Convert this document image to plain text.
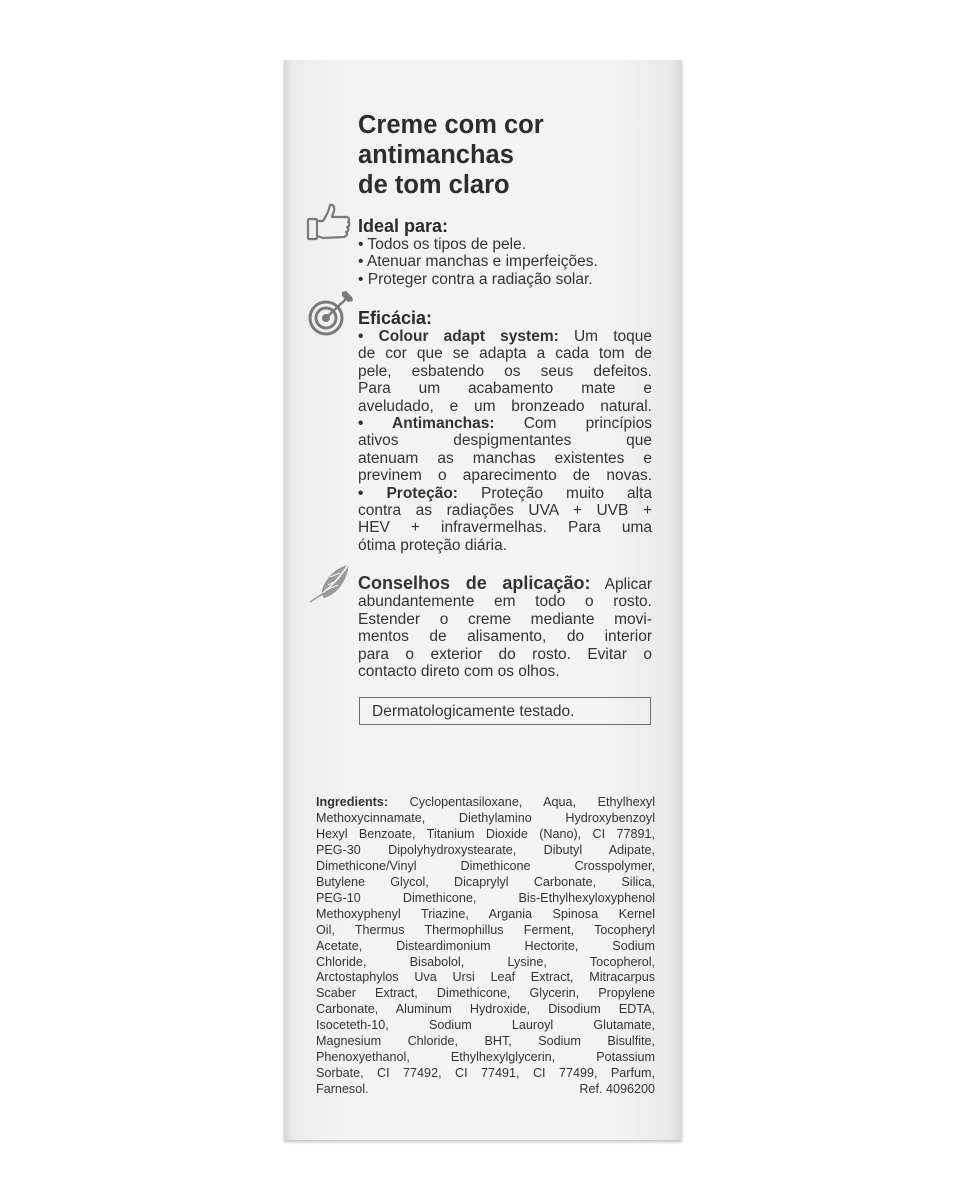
Creme com cor
antimanchas
de tom claro
Ideal para:
• Todos os tipos de pele.
• Atenuar manchas e imperfeições.
• Proteger contra a radiação solar.
Eficácia:
• Colour adapt system: Um toque
de cor que se adapta a cada tom de
pele, esbatendo os seus defeitos.
Para um acabamento mate e
aveludado, e um bronzeado natural.
• Antimanchas: Com princípios
ativos despigmentantes que
atenuam as manchas existentes e
previnem o aparecimento de novas.
• Proteção: Proteção muito alta
contra as radiações UVA + UVB +
HEV + infravermelhas. Para uma
ótima proteção diária.
Conselhos de aplicação: Aplicar
abundantemente em todo o rosto.
Estender o creme mediante movi-
mentos de alisamento, do interior
para o exterior do rosto. Evitar o
contacto direto com os olhos.
Dermatologicamente testado.
Ingredients: Cyclopentasiloxane, Aqua, Ethylhexyl
Methoxycinnamate, Diethylamino Hydroxybenzoyl
Hexyl Benzoate, Titanium Dioxide (Nano), CI 77891,
PEG-30 Dipolyhydroxystearate, Dibutyl Adipate,
Dimethicone/Vinyl Dimethicone Crosspolymer,
Butylene Glycol, Dicaprylyl Carbonate, Silica,
PEG-10 Dimethicone, Bis-Ethylhexyloxyphenol
Methoxyphenyl Triazine, Argania Spinosa Kernel
Oil, Thermus Thermophillus Ferment, Tocopheryl
Acetate, Disteardimonium Hectorite, Sodium
Chloride, Bisabolol, Lysine, Tocopherol,
Arctostaphylos Uva Ursi Leaf Extract, Mitracarpus
Scaber Extract, Dimethicone, Glycerin, Propylene
Carbonate, Aluminum Hydroxide, Disodium EDTA,
Isoceteth-10, Sodium Lauroyl Glutamate,
Magnesium Chloride, BHT, Sodium Bisulfite,
Phenoxyethanol, Ethylhexylglycerin, Potassium
Sorbate, CI 77492, CI 77491, CI 77499, Parfum,
Farnesol.	Ref. 4096200
